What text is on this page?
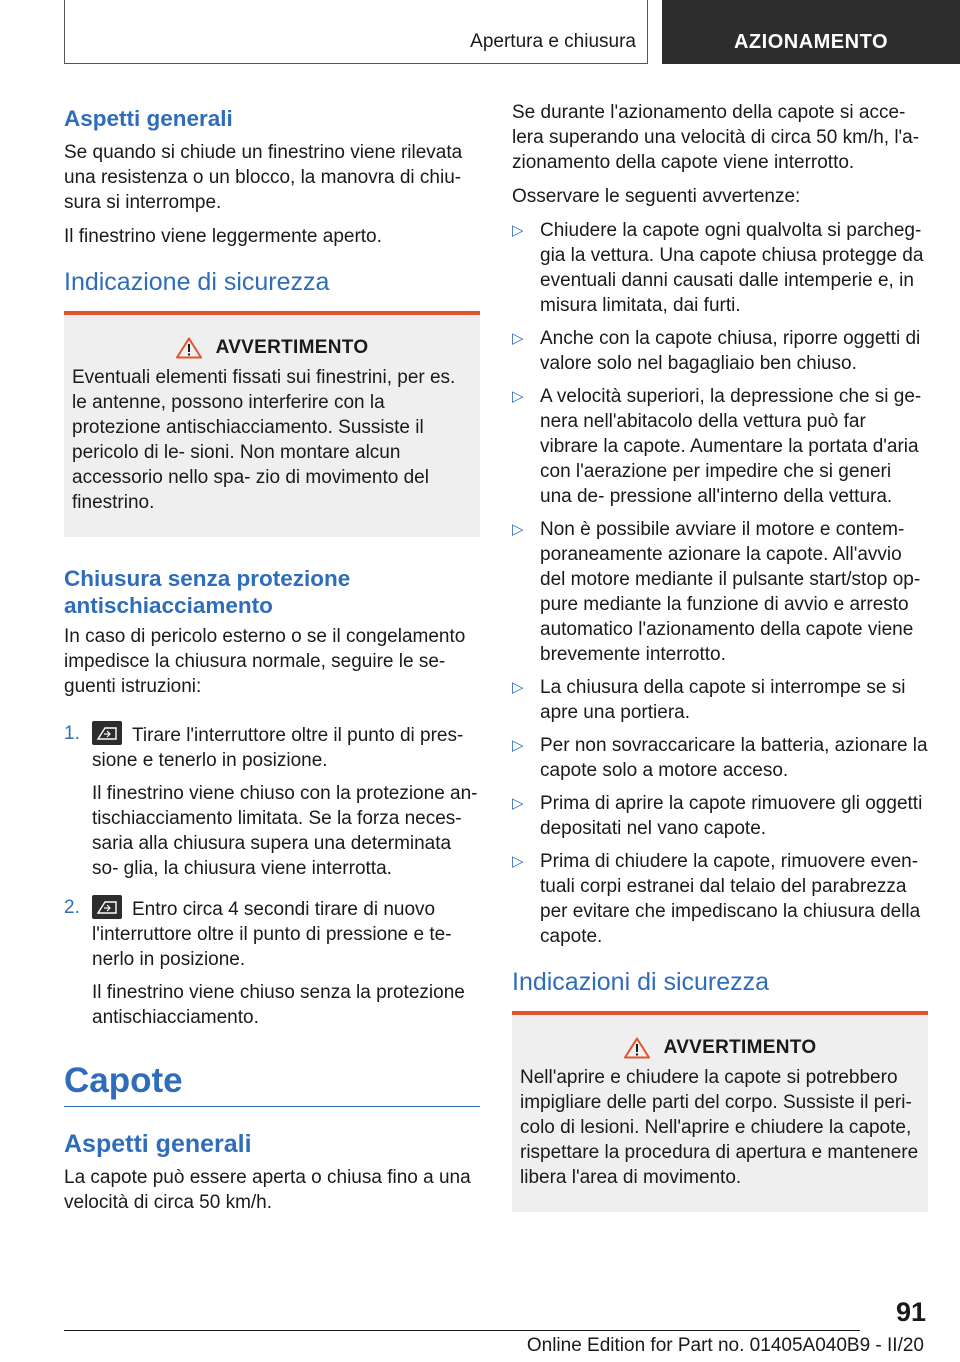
Apertura e chiusura	AZIONAMENTO
Aspetti generali

Se quando si chiude un finestrino viene rilevata una resistenza o un blocco, la manovra di chiu- sura si interrompe.

Il finestrino viene leggermente aperto.

Indicazione di sicurezza
AVVERTIMENTO

Eventuali elementi fissati sui finestrini, per es. le antenne, possono interferire con la protezione antischiacciamento. Sussiste il pericolo di le- sioni. Non montare alcun accessorio nello spa- zio di movimento del finestrino.

Chiusura senza protezione antischiacciamento

In caso di pericolo esterno o se il congelamento impedisce la chiusura normale, seguire le se- guenti istruzioni:

1.	Tirare l'interruttore oltre il punto di pres- sione e tenerlo in posizione.

Il finestrino viene chiuso con la protezione an- tischiacciamento limitata. Se la forza neces- saria alla chiusura supera una determinata so- glia, la chiusura viene interrotta.

2.	Entro circa 4 secondi tirare di nuovo l'interruttore oltre il punto di pressione e te- nerlo in posizione.

Il finestrino viene chiuso senza la protezione antischiacciamento.

Capote
Aspetti generali

La capote può essere aperta o chiusa fino a una velocità di circa 50 km/h.

Se durante l'azionamento della capote si acce- lera superando una velocità di circa 50 km/h, l'a- zionamento della capote viene interrotto.

Osservare le seguenti avvertenze:

▷ Chiudere la capote ogni qualvolta si parcheg- gia la vettura. Una capote chiusa protegge da eventuali danni causati dalle intemperie e, in misura limitata, dai furti.
▷ Anche con la capote chiusa, riporre oggetti di valore solo nel bagagliaio ben chiuso.
▷ A velocità superiori, la depressione che si ge- nera nell'abitacolo della vettura può far vibrare la capote. Aumentare la portata d'aria con l'aerazione per impedire che si generi una de- pressione all'interno della vettura.
▷ Non è possibile avviare il motore e contem- poraneamente azionare la capote. All'avvio del motore mediante il pulsante start/stop op- pure mediante la funzione di avvio e arresto automatico l'azionamento della capote viene brevemente interrotto.
▷ La chiusura della capote si interrompe se si apre una portiera.
▷ Per non sovraccaricare la batteria, azionare la capote solo a motore acceso.
▷ Prima di aprire la capote rimuovere gli oggetti depositati nel vano capote.
▷ Prima di chiudere la capote, rimuovere even- tuali corpi estranei dal telaio del parabrezza per evitare che impediscano la chiusura della capote.
Indicazioni di sicurezza
AVVERTIMENTO

Nell'aprire e chiudere la capote si potrebbero impigliare delle parti del corpo. Sussiste il peri- colo di lesioni. Nell'aprire e chiudere la capote, rispettare la procedura di apertura e mantenere libera l'area di movimento.

91
Online Edition for Part no. 01405A040B9 - II/20
